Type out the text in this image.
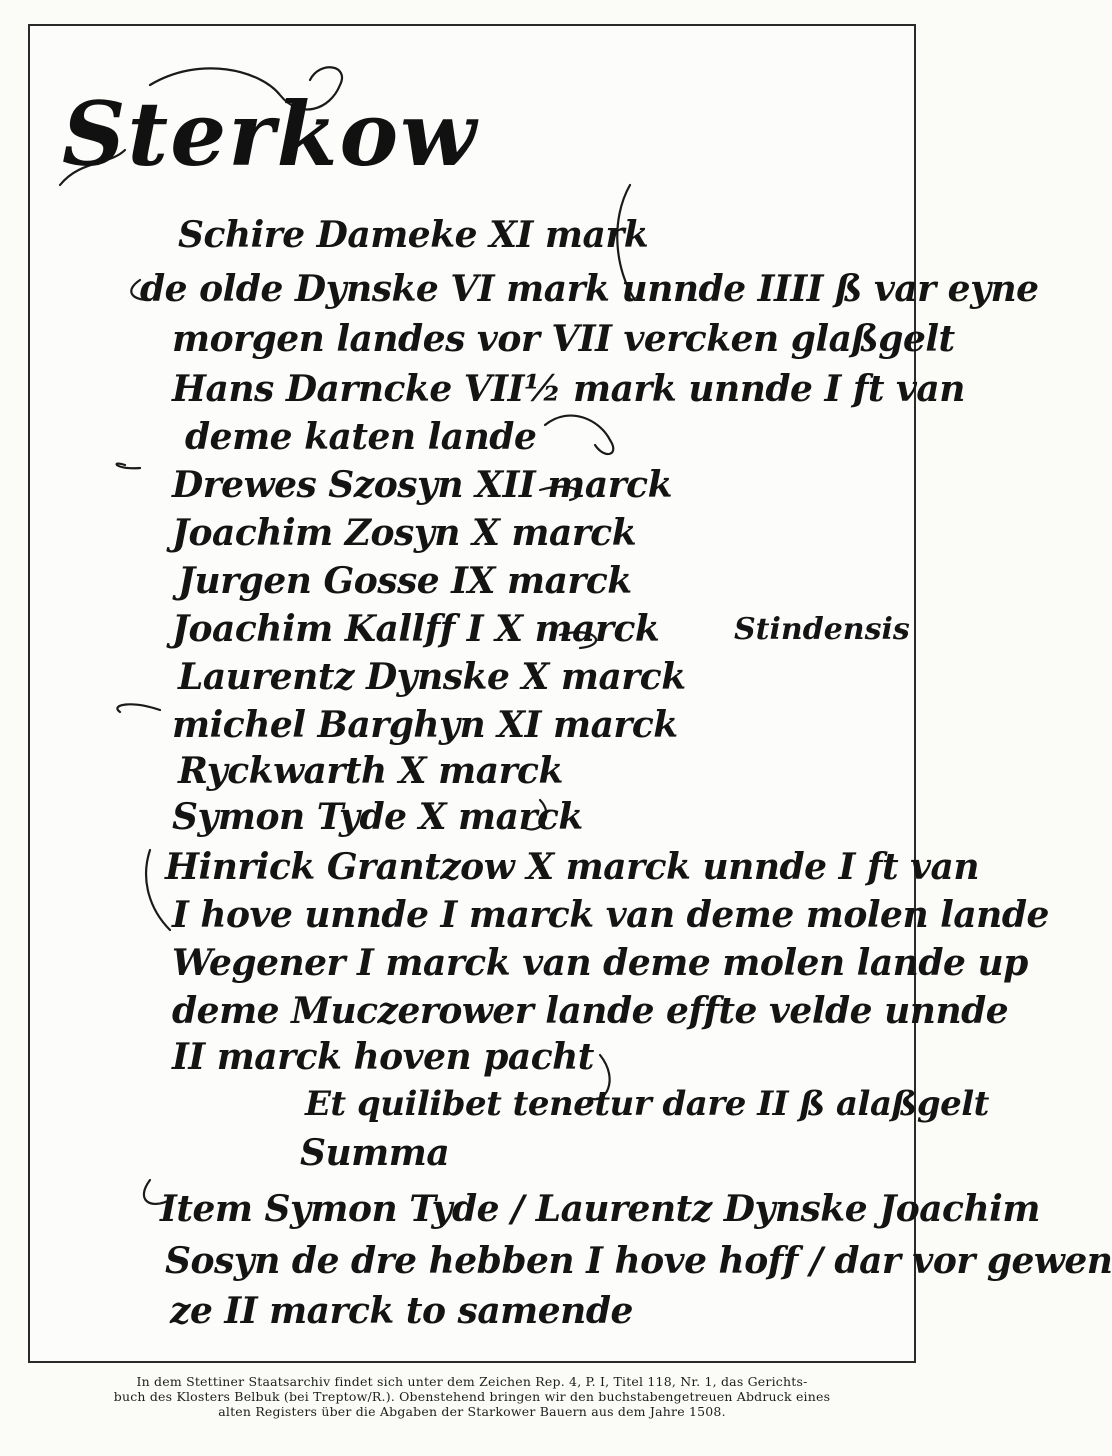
Sterkow
Schire Dameke XI mark
de olde Dynske VI mark unnde IIII ß var eyne
morgen landes vor VII vercken glaßgelt
Hans Darncke VII½ mark unnde I ft van
deme katen lande
Drewes Szosyn XII marck
Joachim Zosyn X marck
Jurgen Gosse IX marck
Joachim Kallff I X marck
Laurentz Dynske X marck
michel Barghyn XI marck
Ryckwarth X marck
Symon Tyde X marck
Hinrick Grantzow X marck unnde I ft van
I hove unnde I marck van deme molen lande
Wegener I marck van deme molen lande up
deme Muczerower lande effte velde unnde
II marck hoven pacht
Et quilibet tenetur dare II ß alaßgelt
Summa
Item Symon Tyde / Laurentz Dynske Joachim
Sosyn de dre hebben I hove hoff / dar vor gewen
ze II marck to samende
Stindensis
In dem Stettiner Staatsarchiv findet sich unter dem Zeichen Rep. 4, P. I, Titel 118, Nr. 1, das Gerichts-
buch des Klosters Belbuk (bei Treptow/R.). Obenstehend bringen wir den buchstabengetreuen Abdruck eines
alten Registers über die Abgaben der Starkower Bauern aus dem Jahre 1508.
